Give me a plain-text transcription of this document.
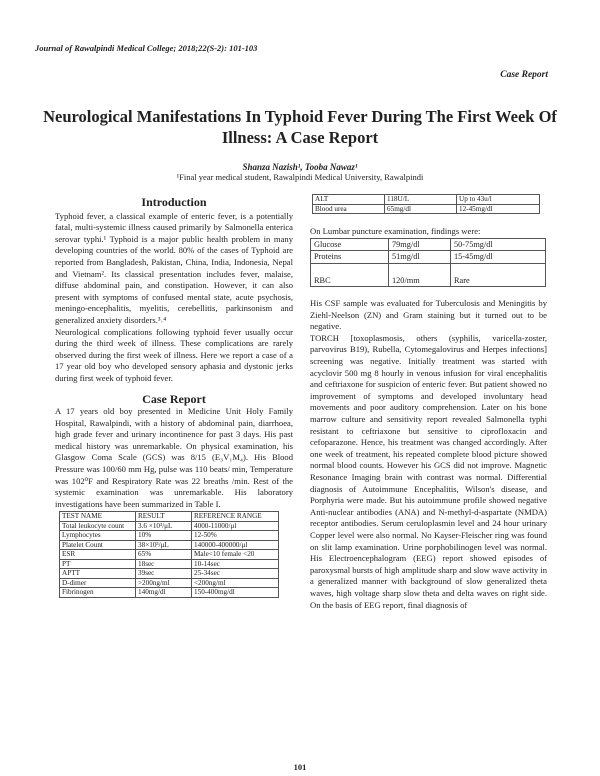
Journal of Rawalpindi Medical College; 2018;22(S-2): 101-103
Case Report
Neurological Manifestations In Typhoid Fever During The First Week Of Illness: A Case Report
Shanza Nazish¹, Tooba Nawaz¹
¹Final year medical student, Rawalpindi Medical University, Rawalpindi
Introduction

Typhoid fever, a classical example of enteric fever, is a potentially fatal, multi-systemic illness caused primarily by Salmonella enterica serovar typhi.¹ Typhoid is a major public health problem in many developing countries of the world. 80% of the cases of Typhoid are reported from Bangladesh, Pakistan, China, India, Indonesia, Nepal and Vietnam². Its classical presentation includes fever, malaise, diffuse abdominal pain, and constipation. However, it can also present with symptoms of confused mental state, acute psychosis, meningo-encephalitis, myelitis, cerebellitis, parkinsonism and generalized anxiety disorders.³˒⁴

Neurological complications following typhoid fever usually occur during the third week of illness. These complications are rarely observed during the first week of illness. Here we report a case of a 17 year old boy who developed sensory aphasia and dystonic jerks during first week of typhoid fever.

Case Report

A 17 years old boy presented in Medicine Unit Holy Family Hospital, Rawalpindi, with a history of abdominal pain, diarrhoea, high grade fever and urinary incontinence for past 3 days. His past medical history was unremarkable. On physical examination, his Glasgow Coma Scale (GCS) was 8/15 (E₃V₁M₄). His Blood Pressure was 100/60 mm Hg, pulse was 110 beats/ min, Temperature was 102⁰F and Respiratory Rate was 22 breaths /min. Rest of the systemic examination was unremarkable. His laboratory investigations have been summarized in Table I.

TEST NAME	RESULT	REFERENCE RANGE
Total leukocyte count	3.6 ×10³/μL	4000-11000/μl
Lymphocytes	10%	12-50%
Platelet Count	38×10³/μL	140000-400000/μl
ESR	65%	Male<10 female <20
PT	18sec	10-14sec
APTT	39sec	25-34sec
D-dimer	>200ng/ml	<200ng/ml
Fibrinogen	140mg/dl	150-400mg/dl
ALT	118U/L	Up to 43u/l
Blood urea	65mg/dl	12-45mg/dl

On Lumbar puncture examination, findings were:

Glucose	79mg/dl	50-75mg/dl
Proteins	51mg/dl	15-45mg/dl
RBC	120/mm	Rare

His CSF sample was evaluated for Tuberculosis and Meningitis by Ziehl-Neelson (ZN) and Gram staining but it turned out to be negative.

TORCH [toxoplasmosis, others (syphilis, varicella-zoster, parvovirus B19), Rubella, Cytomegalovirus and Herpes infections] screening was negative. Initially treatment was started with acyclovir 500 mg 8 hourly in venous infusion for viral encephalitis and ceftriaxone for suspicion of enteric fever. But patient showed no improvement of symptoms and developed involuntary head movements and poor auditory comprehension. Later on his bone marrow culture and sensitivity report revealed Salmonella typhi resistant to ceftriaxone but sensitive to ciprofloxacin and cefoparazone. Hence, his treatment was changed accordingly. After one week of treatment, his repeated complete blood picture showed normal blood counts. However his GCS did not improve. Magnetic Resonance Imaging brain with contrast was normal. Differential diagnosis of Autoimmune Encephalitis, Wilson's disease, and Porphyria were made. But his autoimmune profile showed negative Anti-nuclear antibodies (ANA) and N-methyl-d-aspartate (NMDA) receptor antibodies. Serum ceruloplasmin level and 24 hour urinary Copper level were also normal. No Kayser-Fleischer ring was found on slit lamp examination. Urine porphobilinogen level was normal. His Electroencephalogram (EEG) report showed episodes of paroxysmal bursts of high amplitude sharp and slow wave activity in a generalized manner with background of slow generalized theta waves, high voltage sharp slow theta and delta waves on right side. On the basis of EEG report, final diagnosis of

101
